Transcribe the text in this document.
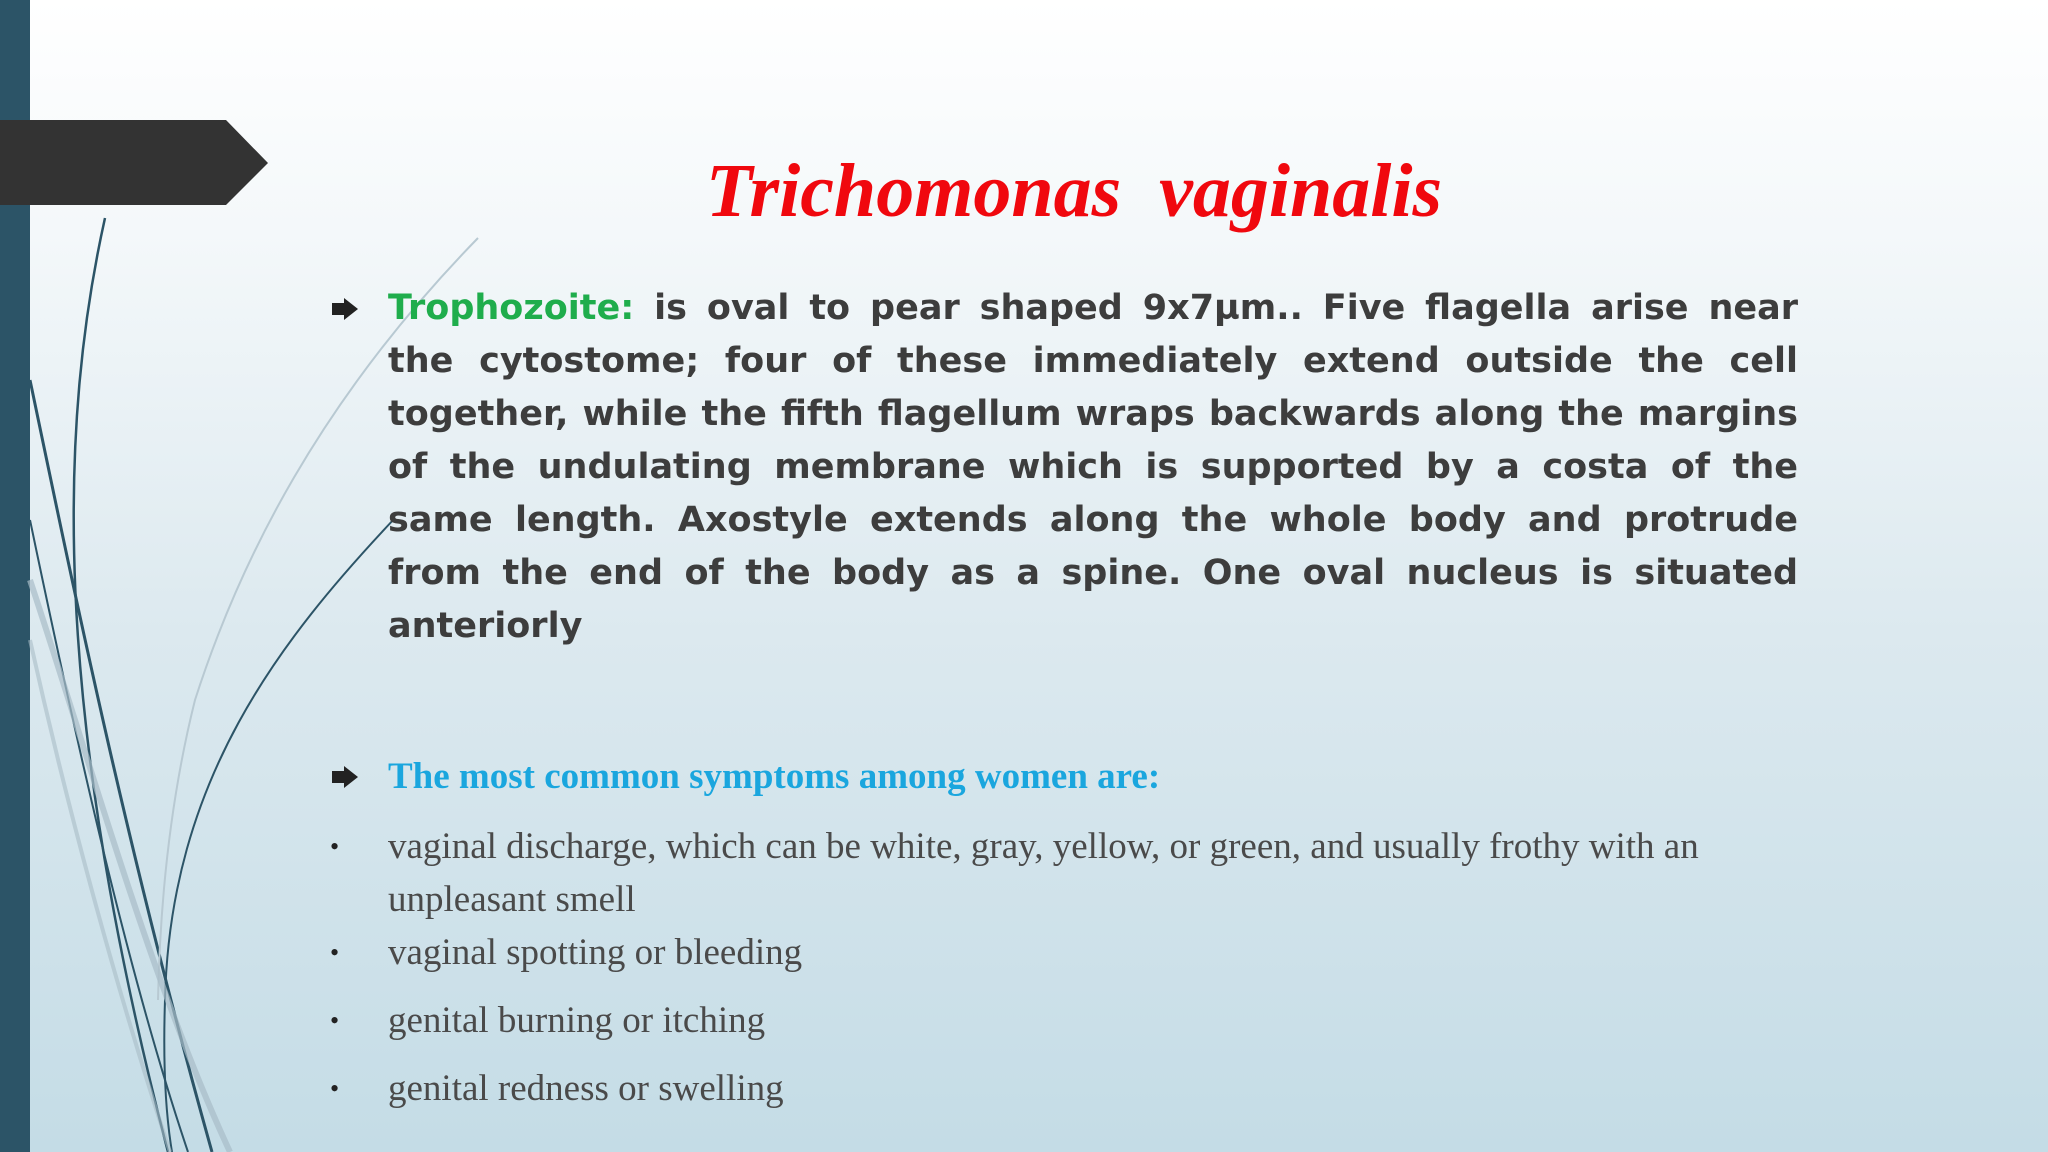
Trichomonas  vaginalis
Trophozoite: is oval to pear shaped 9x7µm.. Five flagella arise near the cytostome; four of these immediately extend outside the cell together, while the fifth flagellum wraps backwards along the margins of the undulating membrane which is supported by a costa of the same length. Axostyle extends along the whole body and protrude from the end of the body as a spine. One oval nucleus is situated anteriorly
The most common symptoms among women are:
•	vaginal discharge, which can be white, gray, yellow, or green, and usually frothy with an unpleasant smell
•	vaginal spotting or bleeding
•	genital burning or itching
•	genital redness or swelling
